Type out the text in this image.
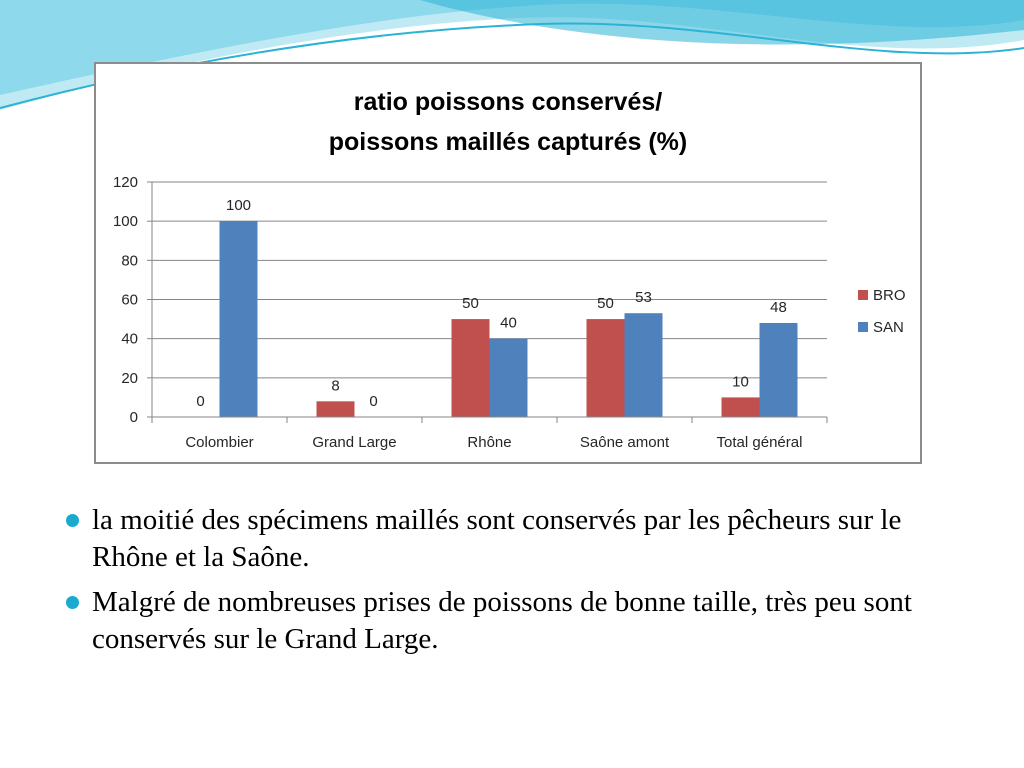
ratio poissons conservés/
poissons maillés capturés (%)
0
20
40
60
80
100
120
0
100
8
0
50
40
50 53
10
48
Colombier	Grand Large	Rhône	Saône amont	Total général
BRO
SAN
la moitié des spécimens maillés sont conservés par les pêcheurs sur le Rhône et la Saône.
Malgré de nombreuses prises de poissons de bonne taille, très peu sont conservés sur le Grand Large.
